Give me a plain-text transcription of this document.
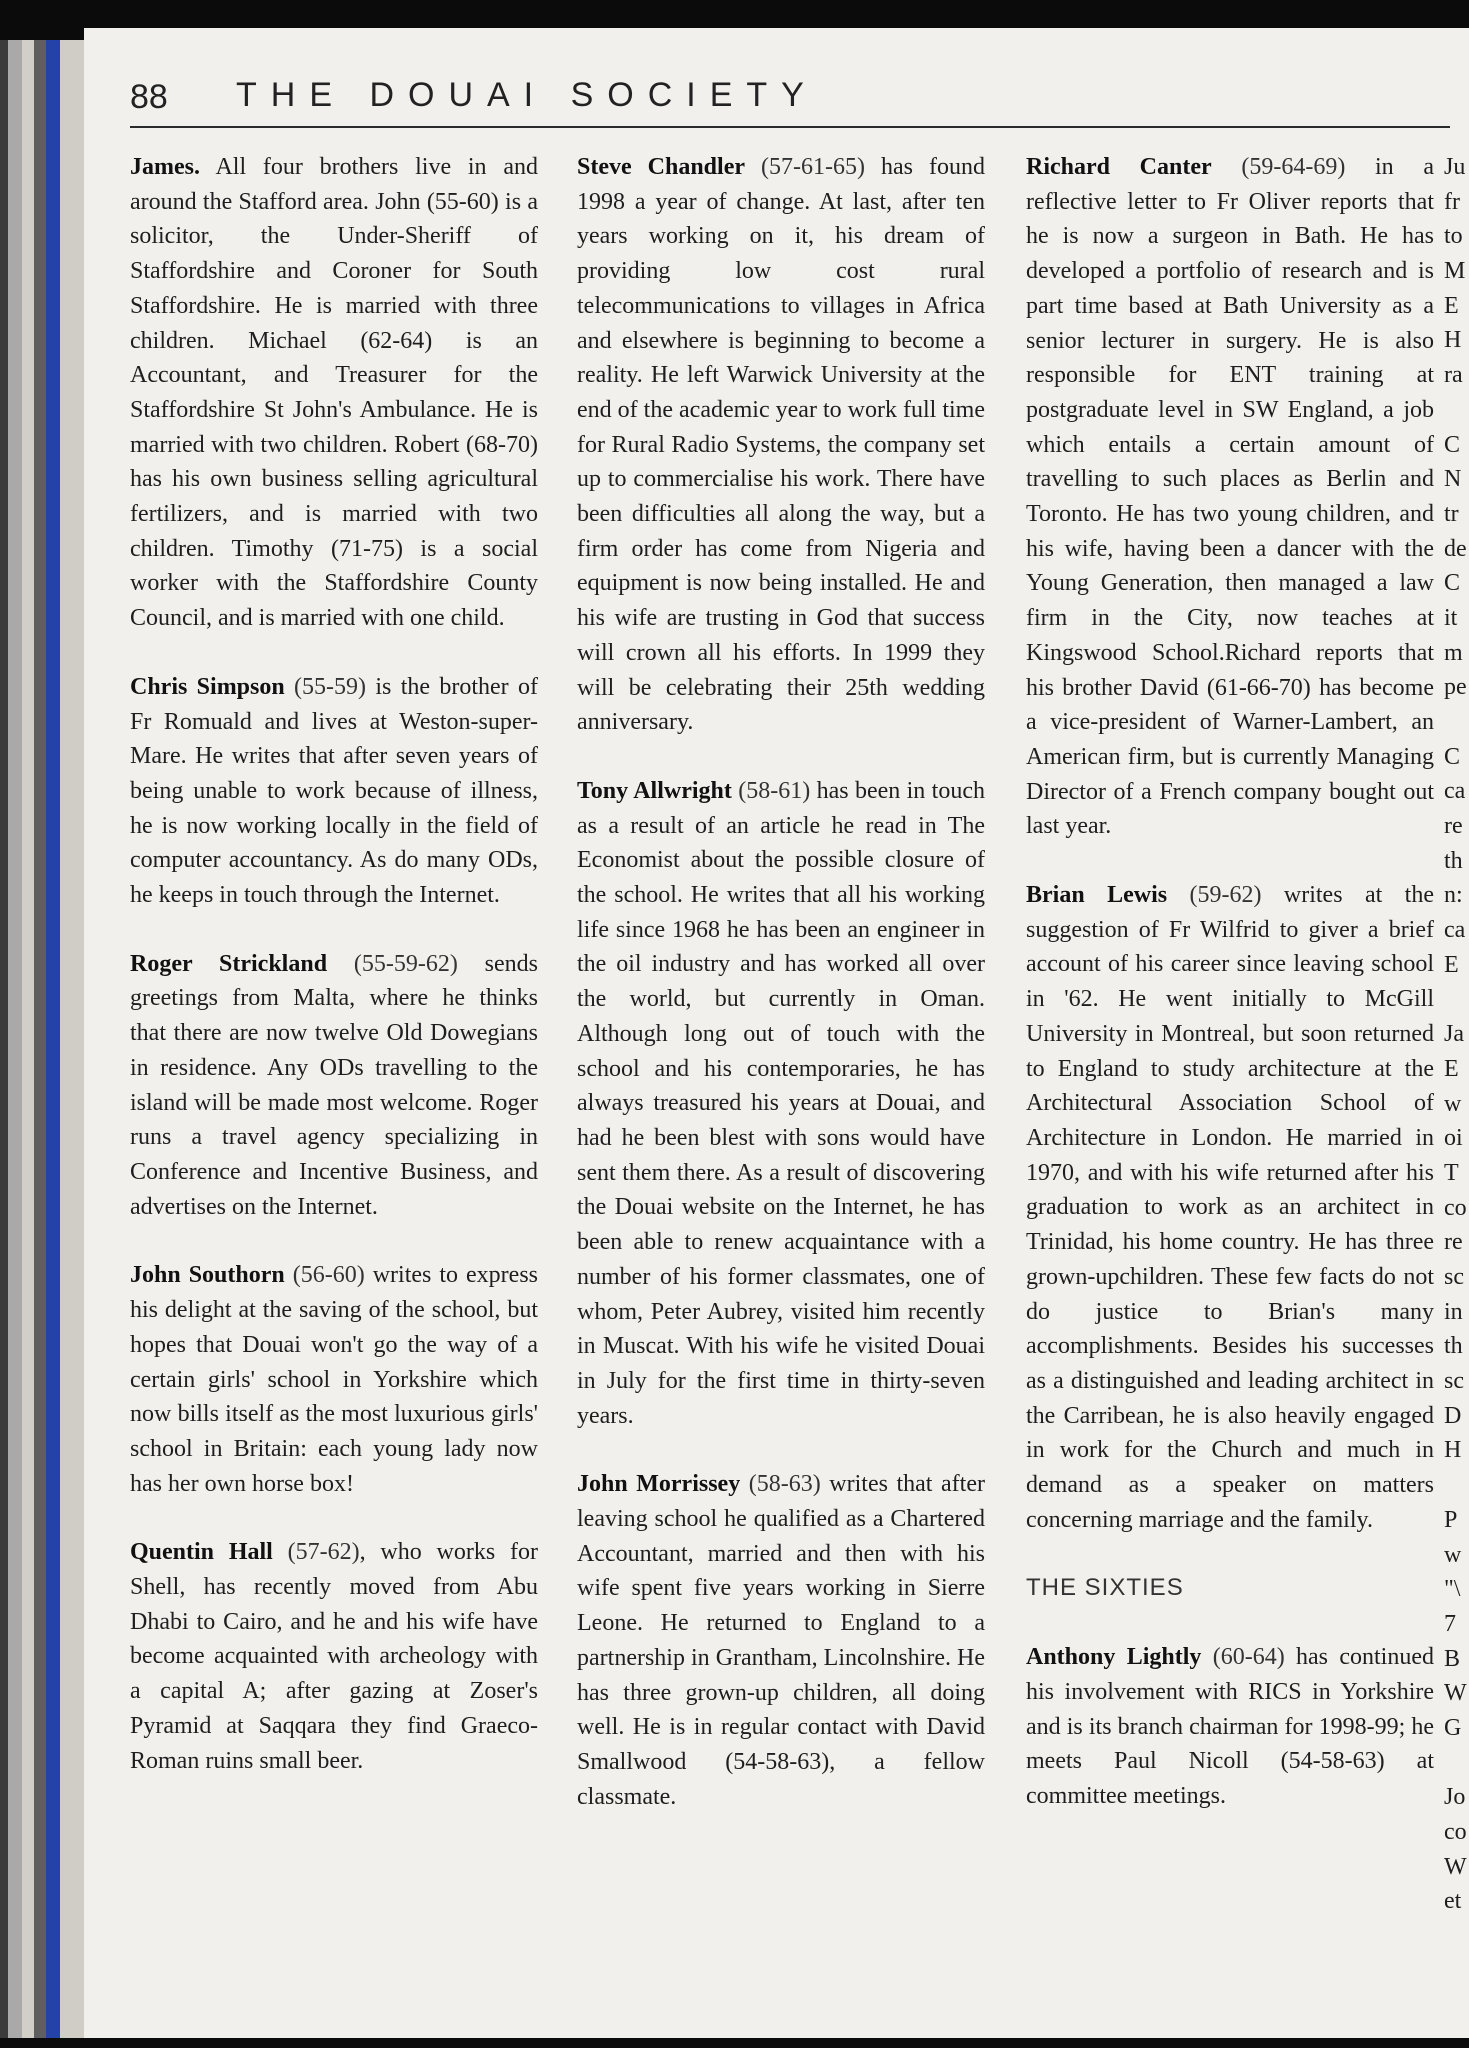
88 THE DOUAI SOCIETY

James. All four brothers live in and around the Stafford area. John (55-60) is a solicitor, the Under-Sheriff of Staffordshire and Coroner for South Staffordshire. He is married with three children. Michael (62-64) is an Accountant, and Treasurer for the Staffordshire St John's Ambulance. He is married with two children. Robert (68-70) has his own business selling agricultural fertilizers, and is married with two children. Timothy (71-75) is a social worker with the Staffordshire County Council, and is married with one child.

Chris Simpson (55-59) is the brother of Fr Romuald and lives at Weston-super-Mare. He writes that after seven years of being unable to work because of illness, he is now working locally in the field of computer accountancy. As do many ODs, he keeps in touch through the Internet.

Roger Strickland (55-59-62) sends greetings from Malta, where he thinks that there are now twelve Old Dowegians in residence. Any ODs travelling to the island will be made most welcome. Roger runs a travel agency specializing in Conference and Incentive Business, and advertises on the Internet.

John Southorn (56-60) writes to express his delight at the saving of the school, but hopes that Douai won't go the way of a certain girls' school in Yorkshire which now bills itself as the most luxurious girls' school in Britain: each young lady now has her own horse box!

Quentin Hall (57-62), who works for Shell, has recently moved from Abu Dhabi to Cairo, and he and his wife have become acquainted with archeology with a capital A; after gazing at Zoser's Pyramid at Saqqara they find Graeco-Roman ruins small beer.

Steve Chandler (57-61-65) has found 1998 a year of change. At last, after ten years working on it, his dream of providing low cost rural telecommunications to villages in Africa and elsewhere is beginning to become a reality. He left Warwick University at the end of the academic year to work full time for Rural Radio Systems, the company set up to commercialise his work. There have been difficulties all along the way, but a firm order has come from Nigeria and equipment is now being installed. He and his wife are trusting in God that success will crown all his efforts. In 1999 they will be celebrating their 25th wedding anniversary.

Tony Allwright (58-61) has been in touch as a result of an article he read in The Economist about the possible closure of the school. He writes that all his working life since 1968 he has been an engineer in the oil industry and has worked all over the world, but currently in Oman. Although long out of touch with the school and his contemporaries, he has always treasured his years at Douai, and had he been blest with sons would have sent them there. As a result of discovering the Douai website on the Internet, he has been able to renew acquaintance with a number of his former classmates, one of whom, Peter Aubrey, visited him recently in Muscat. With his wife he visited Douai in July for the first time in thirty-seven years.

John Morrissey (58-63) writes that after leaving school he qualified as a Chartered Accountant, married and then with his wife spent five years working in Sierre Leone. He returned to England to a partnership in Grantham, Lincolnshire. He has three grown-up children, all doing well. He is in regular contact with David Smallwood (54-58-63), a fellow classmate.

Richard Canter (59-64-69) in a reflective letter to Fr Oliver reports that he is now a surgeon in Bath. He has developed a portfolio of research and is part time based at Bath University as a senior lecturer in surgery. He is also responsible for ENT training at postgraduate level in SW England, a job which entails a certain amount of travelling to such places as Berlin and Toronto. He has two young children, and his wife, having been a dancer with the Young Generation, then managed a law firm in the City, now teaches at Kingswood School.Richard reports that his brother David (61-66-70) has become a vice-president of Warner-Lambert, an American firm, but is currently Managing Director of a French company bought out last year.

Brian Lewis (59-62) writes at the suggestion of Fr Wilfrid to giver a brief account of his career since leaving school in '62. He went initially to McGill University in Montreal, but soon returned to England to study architecture at the Architectural Association School of Architecture in London. He married in 1970, and with his wife returned after his graduation to work as an architect in Trinidad, his home country. He has three grown-upchildren. These few facts do not do justice to Brian's many accomplishments. Besides his successes as a distinguished and leading architect in the Carribean, he is also heavily engaged in work for the Church and much in demand as a speaker on matters concerning marriage and the family.

THE SIXTIES

Anthony Lightly (60-64) has continued his involvement with RICS in Yorkshire and is its branch chairman for 1998-99; he meets Paul Nicoll (54-58-63) at committee meetings.

Ju
fr
to
M
E
H
ra
C
N
tr
de
C
it
m
pe
C
ca
re
th
n:
ca
E
Ja
E
w
oi
T
co
re
sc
in
th
sc
D
H
P
w
"\
7
B
W
G
Jo
co
W
et
